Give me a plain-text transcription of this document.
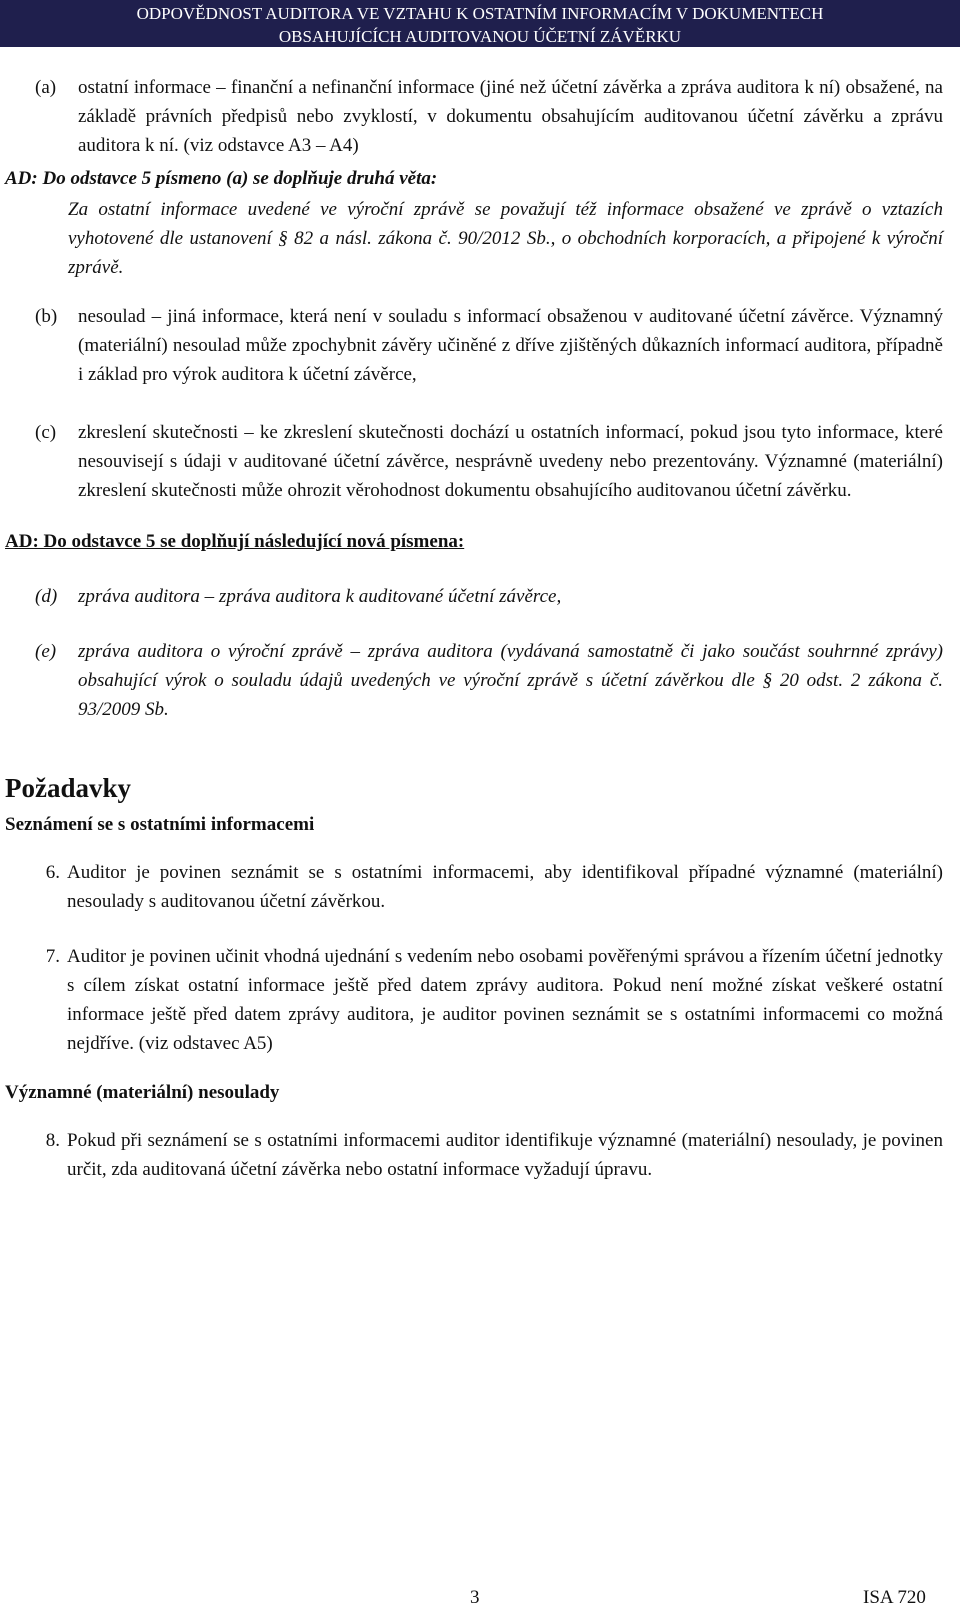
ODPOVĚDNOST AUDITORA VE VZTAHU K OSTATNÍM INFORMACÍM V DOKUMENTECH
OBSAHUJÍCÍCH AUDITOVANOU ÚČETNÍ ZÁVĚRKU
(a)	ostatní informace – finanční a nefinanční informace (jiné než účetní závěrka a zpráva auditora k ní) obsažené, na základě právních předpisů nebo zvyklostí, v dokumentu obsahujícím auditovanou účetní závěrku a zprávu auditora k ní. (viz odstavce A3 – A4)

AD: Do odstavce 5 písmeno (a) se doplňuje druhá věta:

Za ostatní informace uvedené ve výroční zprávě se považují též informace obsažené ve zprávě o vztazích vyhotovené dle ustanovení § 82 a násl. zákona č. 90/2012 Sb., o obchodních korporacích, a připojené k výroční zprávě.

(b)	nesoulad – jiná informace, která není v souladu s informací obsaženou v auditované účetní závěrce. Významný (materiální) nesoulad může zpochybnit závěry učiněné z dříve zjištěných důkazních informací auditora, případně i základ pro výrok auditora k účetní závěrce,
(c)	zkreslení skutečnosti – ke zkreslení skutečnosti dochází u ostatních informací, pokud jsou tyto informace, které nesouvisejí s údaji v auditované účetní závěrce, nesprávně uvedeny nebo prezentovány. Významné (materiální) zkreslení skutečnosti může ohrozit věrohodnost dokumentu obsahujícího auditovanou účetní závěrku.

AD: Do odstavce 5 se doplňují následující nová písmena:

(d)	zpráva auditora – zpráva auditora k auditované účetní závěrce,
(e)	zpráva auditora o výroční zprávě – zpráva auditora (vydávaná samostatně či jako součást souhrnné zprávy) obsahující výrok o souladu údajů uvedených ve výroční zprávě s účetní závěrkou dle § 20 odst. 2 zákona č. 93/2009 Sb.
Požadavky
Seznámení se s ostatními informacemi
6. Auditor je povinen seznámit se s ostatními informacemi, aby identifikoval případné významné (materiální) nesoulady s auditovanou účetní závěrkou.
7. Auditor je povinen učinit vhodná ujednání s vedením nebo osobami pověřenými správou a řízením účetní jednotky s cílem získat ostatní informace ještě před datem zprávy auditora. Pokud není možné získat veškeré ostatní informace ještě před datem zprávy auditora, je auditor povinen seznámit se s ostatními informacemi co možná nejdříve. (viz odstavec A5)
Významné (materiální) nesoulady
8. Pokud při seznámení se s ostatními informacemi auditor identifikuje významné (materiální) nesoulady, je povinen určit, zda auditovaná účetní závěrka nebo ostatní informace vyžadují úpravu.
3	ISA 720
